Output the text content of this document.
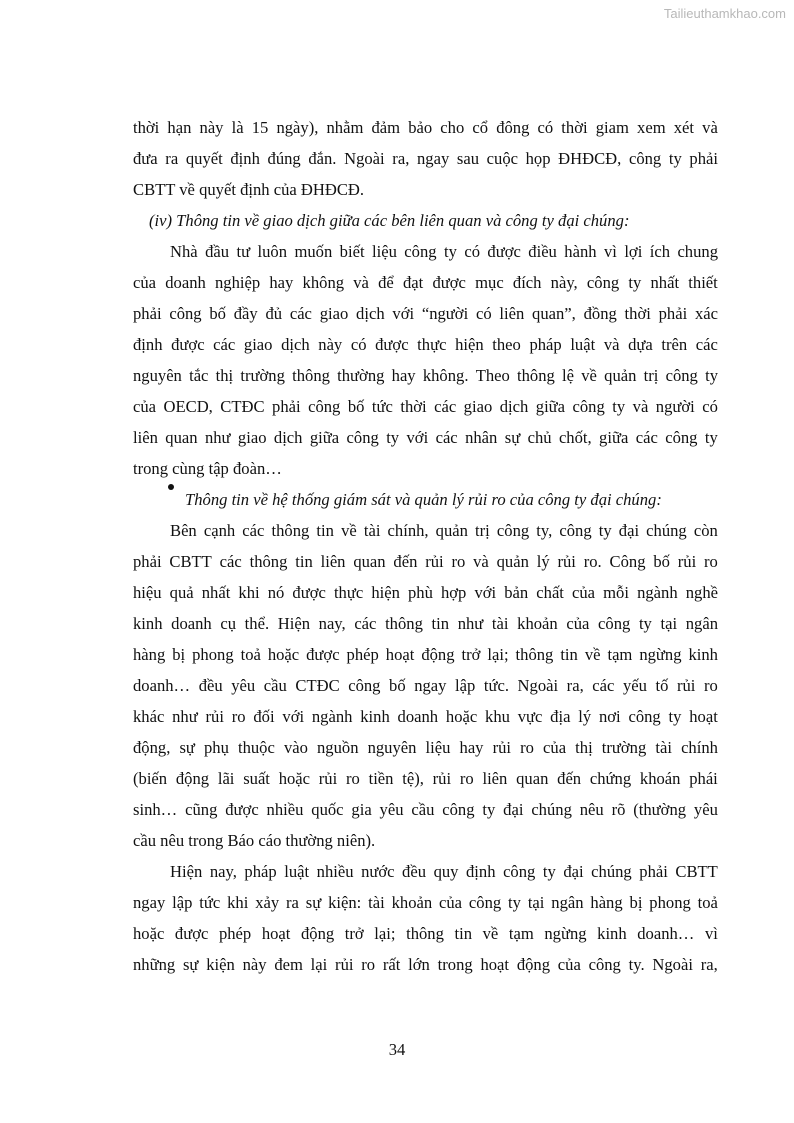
Tailieuthamkhao.com
thời hạn này là 15 ngày), nhằm đảm bảo cho cổ đông có thời giam xem xét và
đưa ra quyết định đúng đắn. Ngoài ra, ngay sau cuộc họp ĐHĐCĐ, công ty phải
CBTT về quyết định của ĐHĐCĐ.
(iv) Thông tin về giao dịch giữa các bên liên quan và công ty đại chúng:
Nhà đầu tư luôn muốn biết liệu công ty có được điều hành vì lợi ích chung
của doanh nghiệp hay không và để đạt được mục đích này, công ty nhất thiết
phải công bố đầy đủ các giao dịch với “người có liên quan”, đồng thời phải xác
định được các giao dịch này có được thực hiện theo pháp luật và dựa trên các
nguyên tắc thị trường thông thường hay không. Theo thông lệ về quản trị công ty
của OECD, CTĐC phải công bố tức thời các giao dịch giữa công ty và người có
liên quan như giao dịch giữa công ty với các nhân sự chủ chốt, giữa các công ty
trong cùng tập đoàn…
Thông tin về hệ thống giám sát và quản lý rủi ro của công ty đại chúng:
Bên cạnh các thông tin về tài chính, quản trị công ty, công ty đại chúng còn
phải CBTT các thông tin liên quan đến rủi ro và quản lý rủi ro. Công bố rủi ro
hiệu quả nhất khi nó được thực hiện phù hợp với bản chất của mỗi ngành nghề
kinh doanh cụ thể. Hiện nay, các thông tin như tài khoản của công ty tại ngân
hàng bị phong toả hoặc được phép hoạt động trở lại; thông tin về tạm ngừng kinh
doanh… đều yêu cầu CTĐC công bố ngay lập tức. Ngoài ra, các yếu tố rủi ro
khác như rủi ro đối với ngành kinh doanh hoặc khu vực địa lý nơi công ty hoạt
động, sự phụ thuộc vào nguồn nguyên liệu hay rủi ro của thị trường tài chính
(biến động lãi suất hoặc rủi ro tiền tệ), rủi ro liên quan đến chứng khoán phái
sinh… cũng được nhiều quốc gia yêu cầu công ty đại chúng nêu rõ (thường yêu
cầu nêu trong Báo cáo thường niên).
Hiện nay, pháp luật nhiều nước đều quy định công ty đại chúng phải CBTT
ngay lập tức khi xảy ra sự kiện: tài khoản của công ty tại ngân hàng bị phong toả
hoặc được phép hoạt động trở lại; thông tin về tạm ngừng kinh doanh… vì
những sự kiện này đem lại rủi ro rất lớn trong hoạt động của công ty. Ngoài ra,
34
